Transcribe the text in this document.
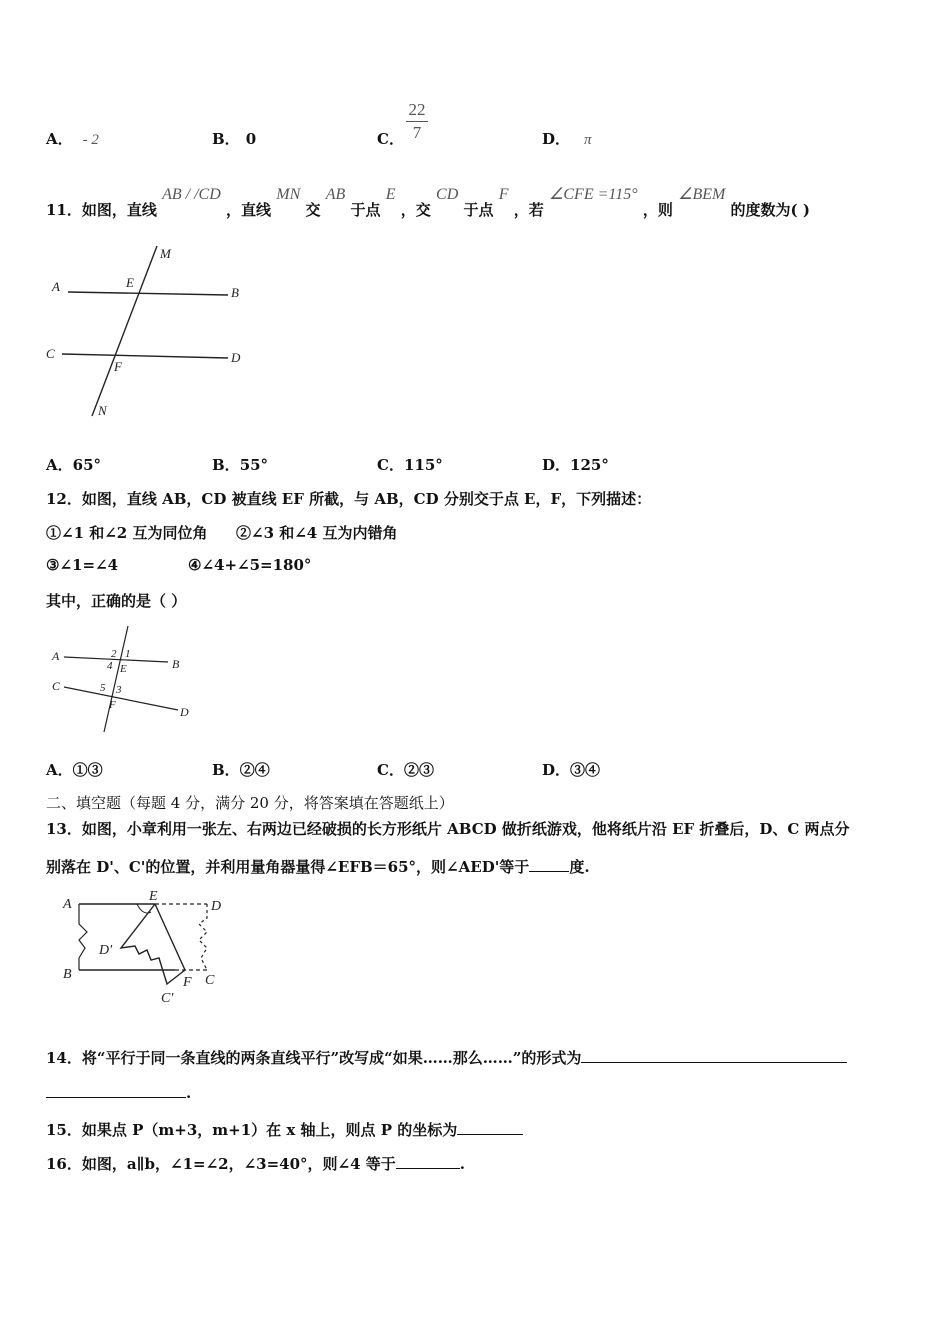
A． - 2	B． 0	C．
22
7	D． π
11．如图，直线 AB / /CD ，直线 MN 交 AB 于点 E ，交 CD 于点 F ，若 ∠CFE =115° ，则 ∠BEM 的度数为( )
A	B
C	D
E
F
M
N
A．65°	B．55°	C．115°	D．125°
12．如图，直线 AB，CD 被直线 EF 所截，与 AB，CD 分别交于点 E，F，下列描述：
①∠1 和∠2 互为同位角 ②∠3 和∠4 互为内错角
③∠1=∠4	④∠4+∠5=180°
其中，正确的是（ ）
A
B
C
D
E
F
1
2
3
4
5
A．①③	B．②④	C．②③	D．③④
二、填空题（每题 4 分，满分 20 分，将答案填在答题纸上）
13．如图，小章利用一张左、右两边已经破损的长方形纸片 ABCD 做折纸游戏，他将纸片沿 EF 折叠后，D、C 两点分
别落在 D'、C'的位置，并利用量角器量得∠EFB＝65°，则∠AED'等于	度.
A
E
D
B	C
F
D'
C'
14．将“平行于同一条直线的两条直线平行”改写成“如果……那么……”的形式为
.
15．如果点 P（m+3，m+1）在 x 轴上，则点 P 的坐标为
16．如图，a∥b，∠1=∠2，∠3=40°，则∠4 等于	.
